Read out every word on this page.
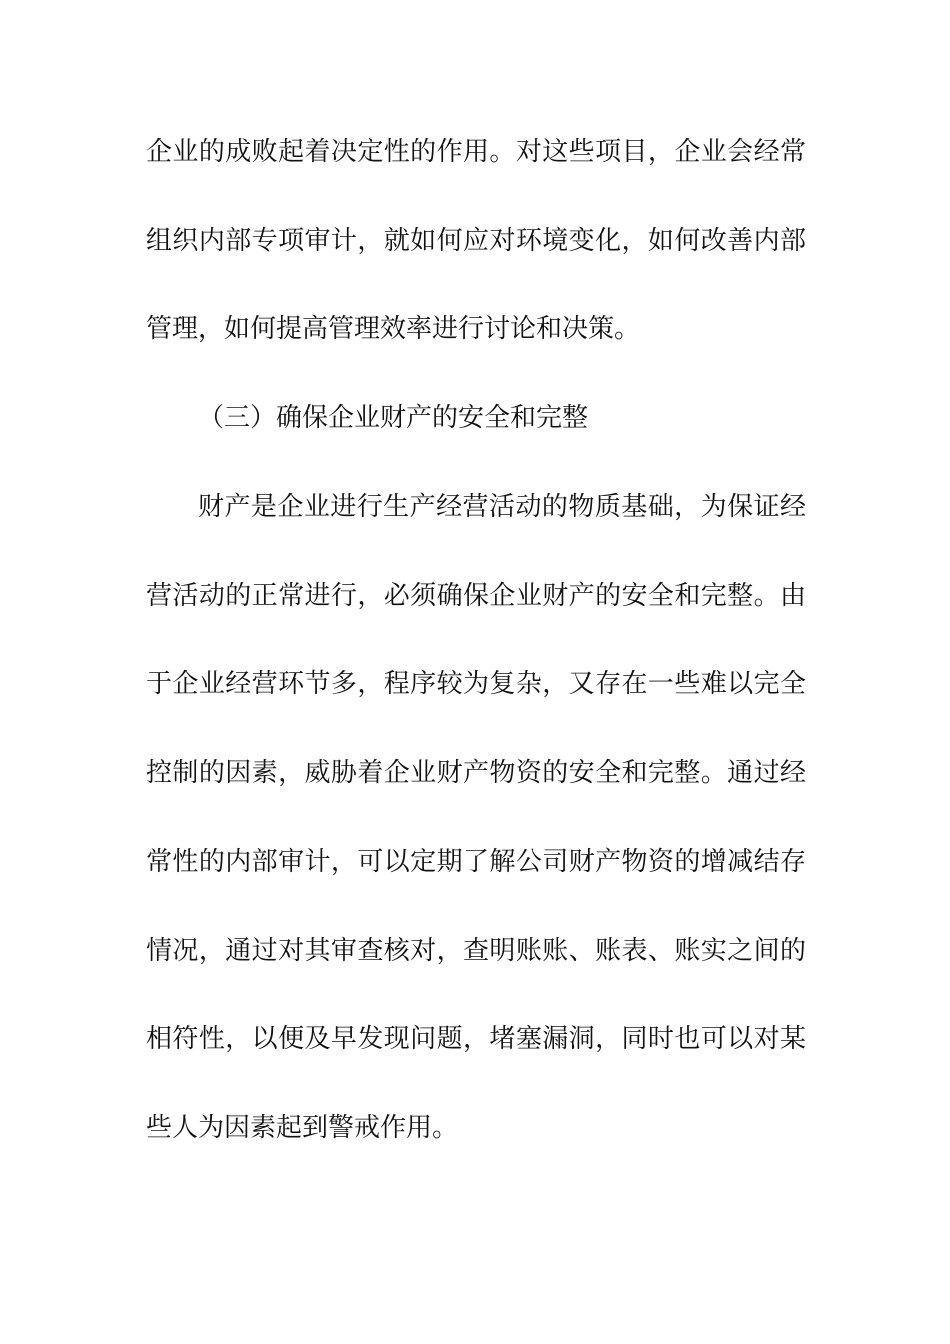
企业的成败起着决定性的作用。对这些项目，企业会经常
组织内部专项审计，就如何应对环境变化，如何改善内部
管理，如何提高管理效率进行讨论和决策。
（三）确保企业财产的安全和完整
财产是企业进行生产经营活动的物质基础，为保证经
营活动的正常进行，必须确保企业财产的安全和完整。由
于企业经营环节多，程序较为复杂，又存在一些难以完全
控制的因素，威胁着企业财产物资的安全和完整。通过经
常性的内部审计，可以定期了解公司财产物资的增减结存
情况，通过对其审查核对，查明账账、账表、账实之间的
相符性，以便及早发现问题，堵塞漏洞，同时也可以对某
些人为因素起到警戒作用。
